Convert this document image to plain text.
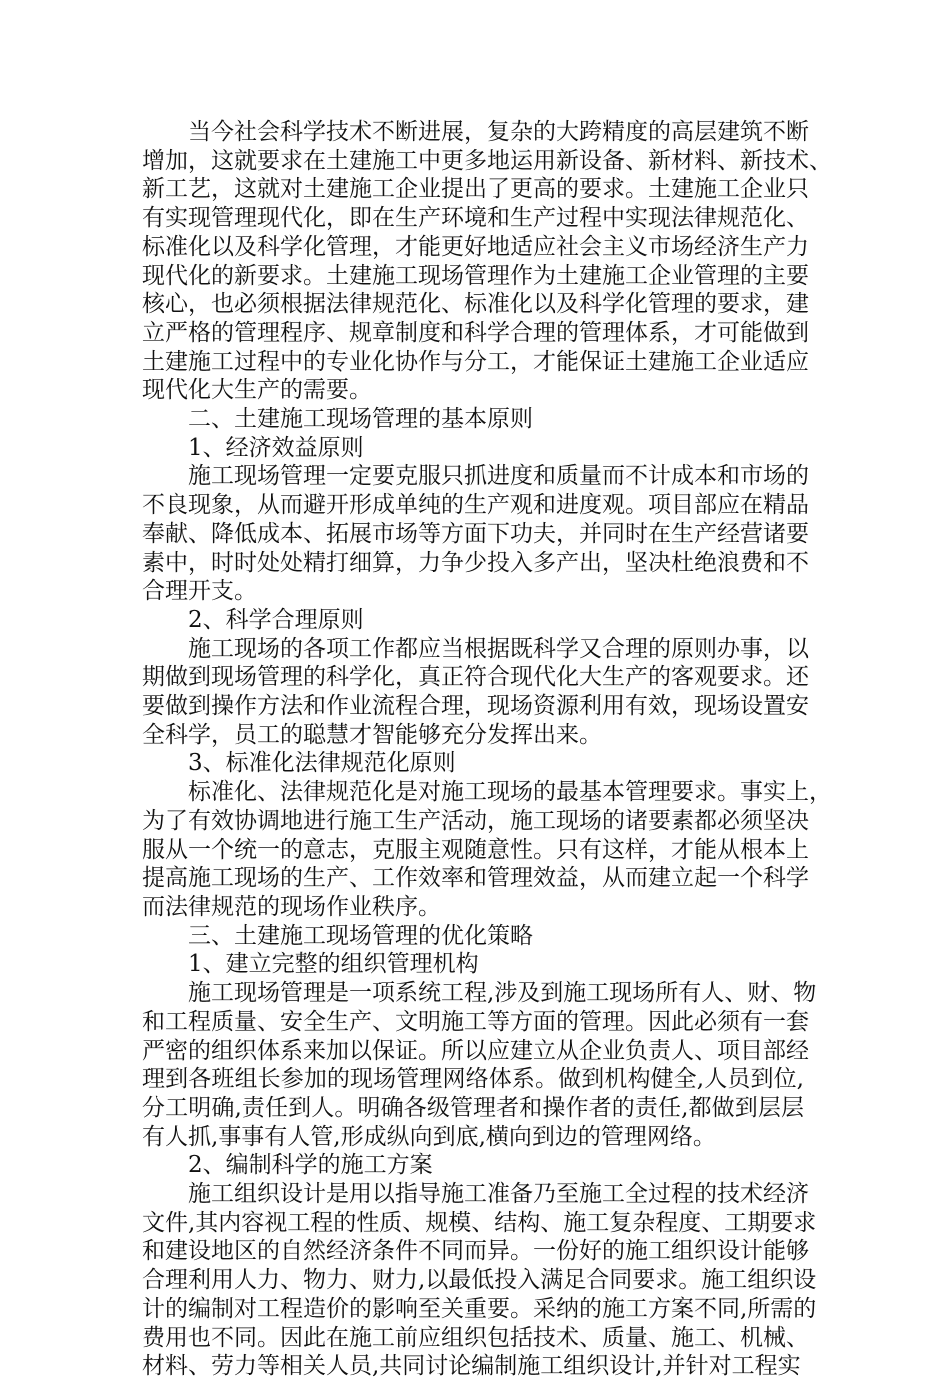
当今社会科学技术不断进展，复杂的大跨精度的高层建筑不断
增加，这就要求在土建施工中更多地运用新设备、新材料、新技术、
新工艺，这就对土建施工企业提出了更高的要求。土建施工企业只
有实现管理现代化，即在生产环境和生产过程中实现法律规范化、
标准化以及科学化管理，才能更好地适应社会主义市场经济生产力
现代化的新要求。土建施工现场管理作为土建施工企业管理的主要
核心，也必须根据法律规范化、标准化以及科学化管理的要求，建
立严格的管理程序、规章制度和科学合理的管理体系，才可能做到
土建施工过程中的专业化协作与分工，才能保证土建施工企业适应
现代化大生产的需要。
二、土建施工现场管理的基本原则
1、经济效益原则
施工现场管理一定要克服只抓进度和质量而不计成本和市场的
不良现象，从而避开形成单纯的生产观和进度观。项目部应在精品
奉献、降低成本、拓展市场等方面下功夫，并同时在生产经营诸要
素中，时时处处精打细算，力争少投入多产出，坚决杜绝浪费和不
合理开支。
2、科学合理原则
施工现场的各项工作都应当根据既科学又合理的原则办事，以
期做到现场管理的科学化，真正符合现代化大生产的客观要求。还
要做到操作方法和作业流程合理，现场资源利用有效，现场设置安
全科学，员工的聪慧才智能够充分发挥出来。
3、标准化法律规范化原则
标准化、法律规范化是对施工现场的最基本管理要求。事实上，
为了有效协调地进行施工生产活动，施工现场的诸要素都必须坚决
服从一个统一的意志，克服主观随意性。只有这样，才能从根本上
提高施工现场的生产、工作效率和管理效益，从而建立起一个科学
而法律规范的现场作业秩序。
三、土建施工现场管理的优化策略
1、建立完整的组织管理机构
施工现场管理是一项系统工程,涉及到施工现场所有人、财、物
和工程质量、安全生产、文明施工等方面的管理。因此必须有一套
严密的组织体系来加以保证。所以应建立从企业负责人、项目部经
理到各班组长参加的现场管理网络体系。做到机构健全,人员到位,
分工明确,责任到人。明确各级管理者和操作者的责任,都做到层层
有人抓,事事有人管,形成纵向到底,横向到边的管理网络。
2、编制科学的施工方案
施工组织设计是用以指导施工准备乃至施工全过程的技术经济
文件,其内容视工程的性质、规模、结构、施工复杂程度、工期要求
和建设地区的自然经济条件不同而异。一份好的施工组织设计能够
合理利用人力、物力、财力,以最低投入满足合同要求。施工组织设
计的编制对工程造价的影响至关重要。采纳的施工方案不同,所需的
费用也不同。因此在施工前应组织包括技术、质量、施工、机械、
材料、劳力等相关人员,共同讨论编制施工组织设计,并针对工程实
